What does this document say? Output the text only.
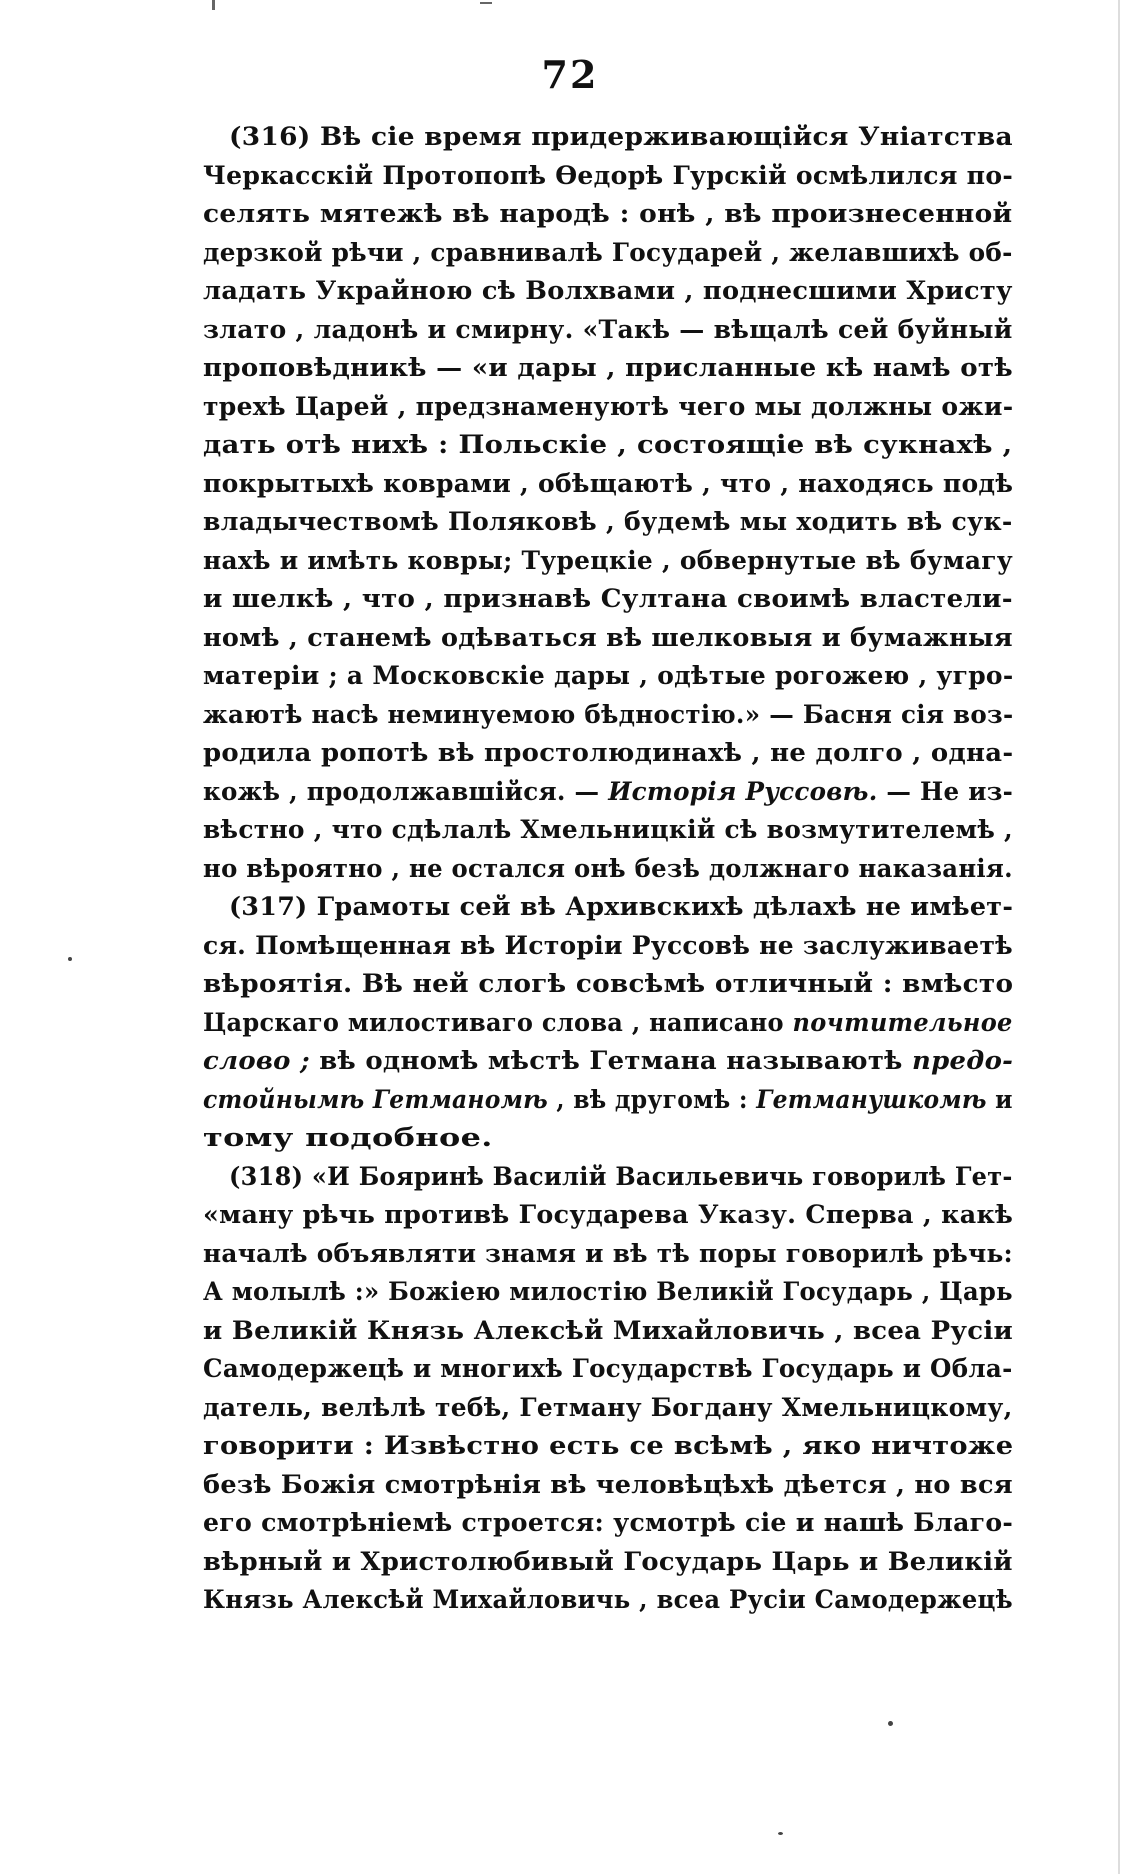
72
(316) Вѣ сіе время придерживающійся Уніатства
Черкасскій Протопопѣ Ѳедорѣ Гурскій осмѣлился по-
селять мятежѣ вѣ народѣ : онѣ , вѣ произнесенной
дерзкой рѣчи , сравнивалѣ Государей , желавшихѣ об-
ладать Украйною сѣ Волхвами , поднесшими Христу
злато , ладонѣ и смирну. «Такѣ — вѣщалѣ сей буйный
проповѣдникѣ — «и дары , присланные кѣ намѣ отѣ
трехѣ Царей , предзнаменуютѣ чего мы должны ожи-
дать отѣ нихѣ : Польскіе , состоящіе вѣ сукнахѣ ,
покрытыхѣ коврами , обѣщаютѣ , что , находясь подѣ
владычествомѣ Поляковѣ , будемѣ мы ходить вѣ сук-
нахѣ и имѣть ковры; Турецкіе , обвернутые вѣ бумагу
и шелкѣ , что , признавѣ Султана своимѣ властели-
номѣ , станемѣ одѣваться вѣ шелковыя и бумажныя
матеріи ; а Московскіе дары , одѣтые рогожею , угро-
жаютѣ насѣ неминуемою бѣдностію.» — Басня сія воз-
родила ропотѣ вѣ простолюдинахѣ , не долго , одна-
кожѣ , продолжавшійся. — Исторія Руссовѣ. — Не из-
вѣстно , что сдѣлалѣ Хмельницкій сѣ возмутителемѣ ,
но вѣроятно , не остался онѣ безѣ должнаго наказанія.
(317) Грамоты сей вѣ Архивскихѣ дѣлахѣ не имѣет-
ся. Помѣщенная вѣ Исторіи Руссовѣ не заслуживаетѣ
вѣроятія. Вѣ ней слогѣ совсѣмѣ отличный : вмѣсто
Царскаго милостиваго слова , написано почтительное
слово ; вѣ одномѣ мѣстѣ Гетмана называютѣ предо-
стойнымѣ Гетманомѣ , вѣ другомѣ : Гетманушкомѣ и
тому подобное.
(318) «И Бояринѣ Василій Васильевичь говорилѣ Гет-
«ману рѣчь противѣ Государева Указу. Сперва , какѣ
началѣ объявляти знамя и вѣ тѣ поры говорилѣ рѣчь:
А молылѣ :» Божіею милостію Великій Государь , Царь
и Великій Князь Алексѣй Михайловичь , всеа Русіи
Самодержецѣ и многихѣ Государствѣ Государь и Обла-
датель, велѣлѣ тебѣ, Гетману Богдану Хмельницкому,
говорити : Извѣстно есть се всѣмѣ , яко ничтоже
безѣ Божія смотрѣнія вѣ человѣцѣхѣ дѣется , но вся
его смотрѣніемѣ строется: усмотрѣ сіе и нашѣ Благо-
вѣрный и Христолюбивый Государь Царь и Великій
Князь Алексѣй Михайловичь , всеа Русіи Самодержецѣ
